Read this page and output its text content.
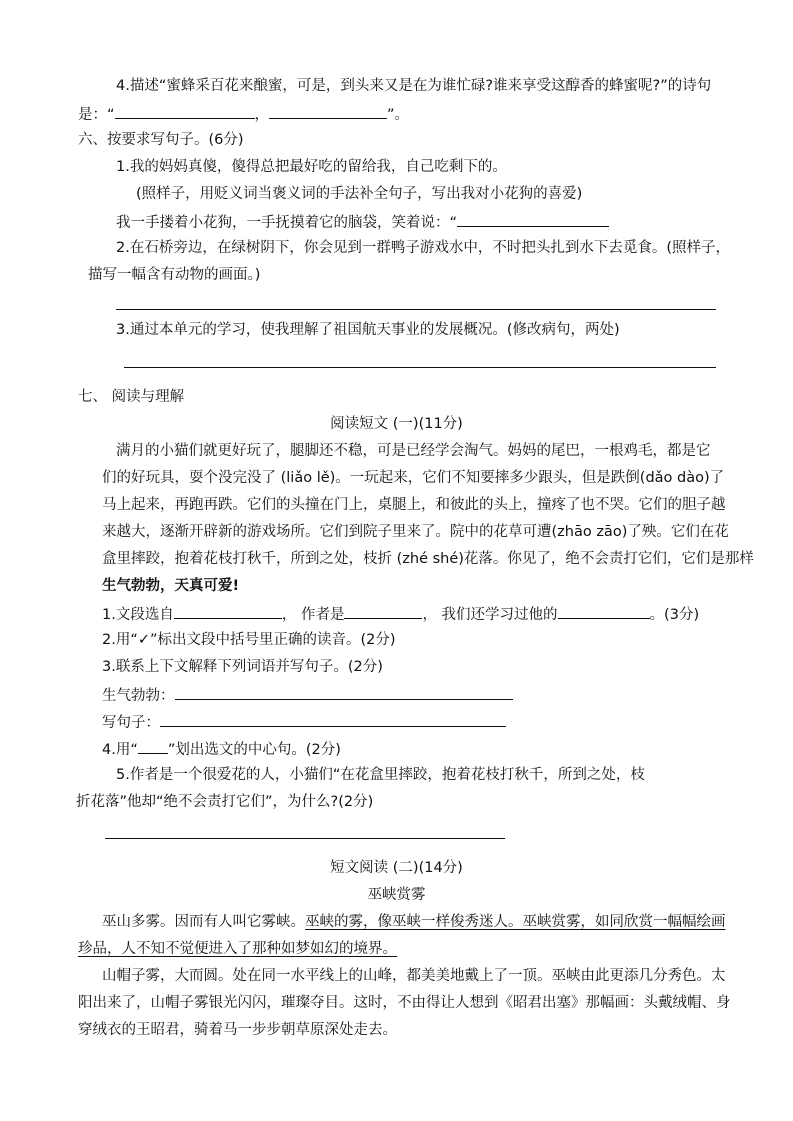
4.描述“蜜蜂采百花来酿蜜，可是，到头来又是在为谁忙碌?谁来享受这醇香的蜂蜜呢?”的诗句
是：“	，	”。
六、按要求写句子。(6分)
1.我的妈妈真傻，傻得总把最好吃的留给我，自己吃剩下的。
(照样子，用贬义词当褒义词的手法补全句子，写出我对小花狗的喜爱)
我一手搂着小花狗，一手抚摸着它的脑袋，笑着说：“
2.在石桥旁边，在绿树阴下，你会见到一群鸭子游戏水中，不时把头扎到水下去觅食。(照样子，
描写一幅含有动物的画面。)
3.通过本单元的学习，使我理解了祖国航天事业的发展概况。(修改病句，两处)
七、 阅读与理解
阅读短文 (一)(11分)
满月的小猫们就更好玩了，腿脚还不稳，可是已经学会淘气。妈妈的尾巴，一根鸡毛，都是它
们的好玩具，耍个没完没了 (liǎo lě)。一玩起来，它们不知要摔多少跟头，但是跌倒(dǎo dào)了
马上起来，再跑再跌。它们的头撞在门上，桌腿上，和彼此的头上，撞疼了也不哭。它们的胆子越
来越大，逐渐开辟新的游戏场所。它们到院子里来了。院中的花草可遭(zhāo zāo)了殃。它们在花
盒里摔跤，抱着花枝打秋千，所到之处，枝折 (zhé shé)花落。你见了，绝不会责打它们，它们是那样
生气勃勃，天真可爱!
1.文段选自	， 作者是	， 我们还学习过他的	。(3分)
2.用“✓”标出文段中括号里正确的读音。(2分)
3.联系上下文解释下列词语并写句子。(2分)
生气勃勃：
写句子：
4.用“ ”划出选文的中心句。(2分)
5.作者是一个很爱花的人，小猫们“在花盒里摔跤，抱着花枝打秋千，所到之处，枝
折花落”他却“绝不会责打它们”，为什么?(2分)
短文阅读 (二)(14分)
巫峡赏雾
巫山多雾。因而有人叫它雾峡。巫峡的雾，像巫峡一样俊秀迷人。巫峡赏雾，如同欣赏一幅幅绘画
珍品，人不知不觉便进入了那种如梦如幻的境界。
山帽子雾，大而圆。处在同一水平线上的山峰，都美美地戴上了一顶。巫峡由此更添几分秀色。太
阳出来了，山帽子雾银光闪闪，璀璨夺目。这时，不由得让人想到《昭君出塞》那幅画：头戴绒帽、身
穿绒衣的王昭君，骑着马一步步朝草原深处走去。
